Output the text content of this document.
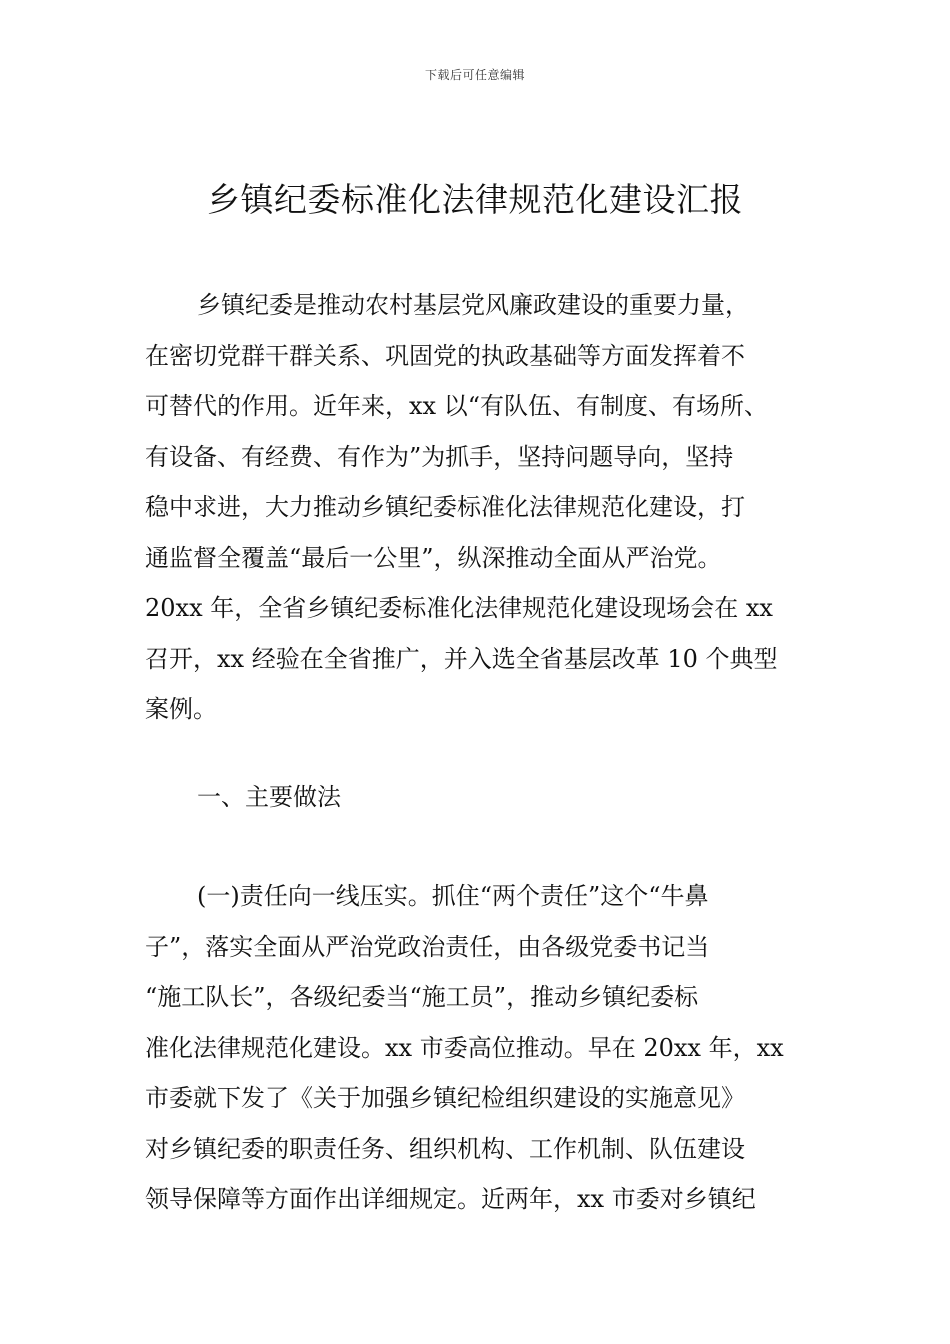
下载后可任意编辑
乡镇纪委标准化法律规范化建设汇报
乡镇纪委是推动农村基层党风廉政建设的重要力量，
在密切党群干群关系、巩固党的执政基础等方面发挥着不
可替代的作用。近年来，xx 以“有队伍、有制度、有场所、
有设备、有经费、有作为”为抓手，坚持问题导向，坚持
稳中求进，大力推动乡镇纪委标准化法律规范化建设，打
通监督全覆盖“最后一公里”，纵深推动全面从严治党。
20xx 年，全省乡镇纪委标准化法律规范化建设现场会在 xx
召开，xx 经验在全省推广，并入选全省基层改革 10 个典型
案例。
一、主要做法
(一)责任向一线压实。抓住“两个责任”这个“牛鼻
子”，落实全面从严治党政治责任，由各级党委书记当
“施工队长”，各级纪委当“施工员”，推动乡镇纪委标
准化法律规范化建设。xx 市委高位推动。早在 20xx 年，xx
市委就下发了《关于加强乡镇纪检组织建设的实施意见》
对乡镇纪委的职责任务、组织机构、工作机制、队伍建设
领导保障等方面作出详细规定。近两年，xx 市委对乡镇纪
